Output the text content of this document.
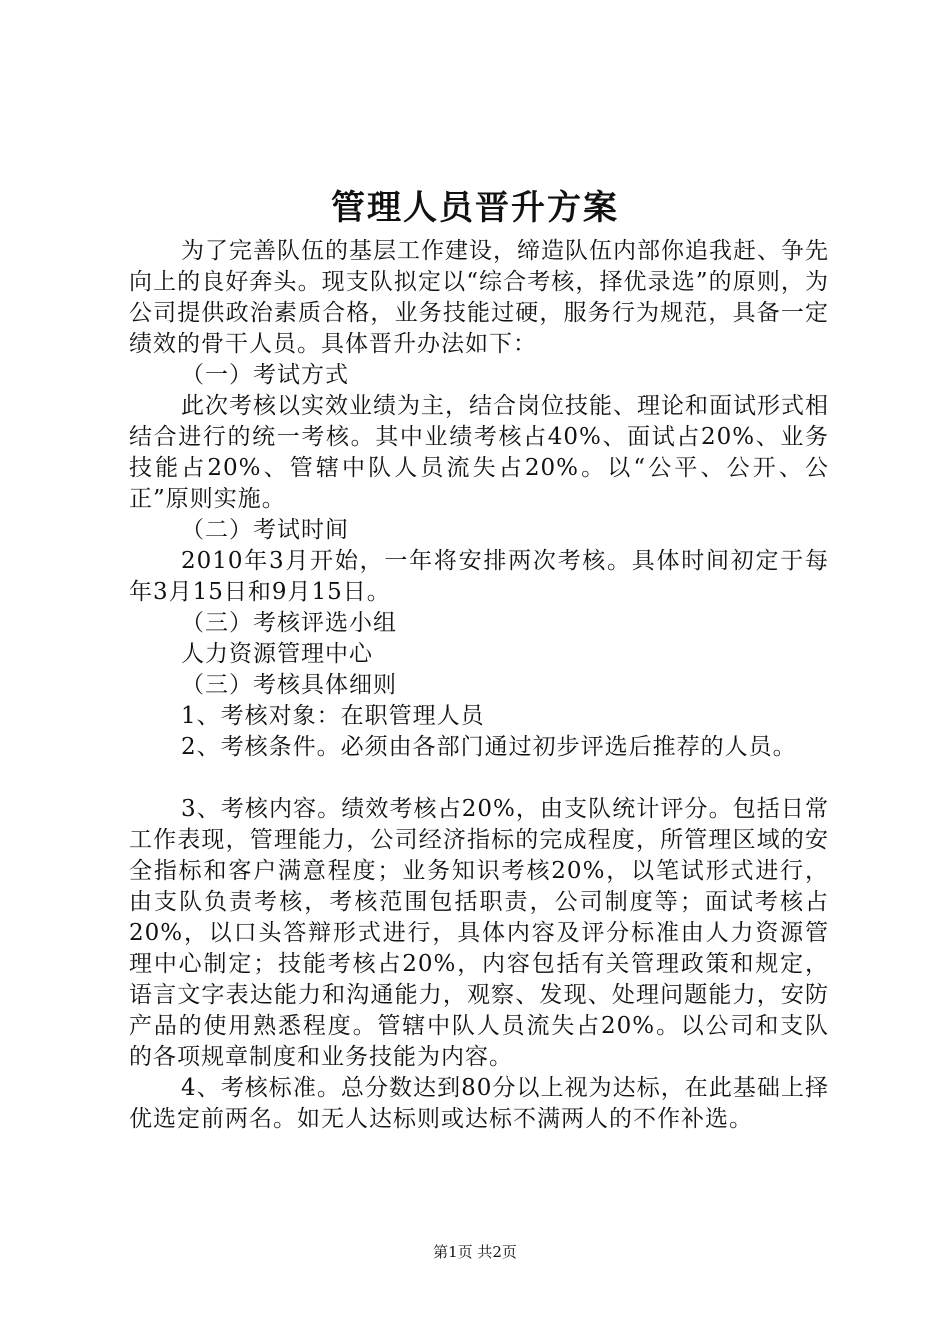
管理人员晋升方案

为了完善队伍的基层工作建设，缔造队伍内部你追我赶、争先向上的良好奔头。现支队拟定以“综合考核，择优录选”的原则，为公司提供政治素质合格，业务技能过硬，服务行为规范，具备一定绩效的骨干人员。具体晋升办法如下：

（一）考试方式

此次考核以实效业绩为主，结合岗位技能、理论和面试形式相结合进行的统一考核。其中业绩考核占40%、面试占20%、业务技能占20%、管辖中队人员流失占20%。以“公平、公开、公正”原则实施。

（二）考试时间

2010年3月开始，一年将安排两次考核。具体时间初定于每年3月15日和9月15日。

（三）考核评选小组

人力资源管理中心

（三）考核具体细则

1、考核对象：在职管理人员

2、考核条件。必须由各部门通过初步评选后推荐的人员。

3、考核内容。绩效考核占20%，由支队统计评分。包括日常工作表现，管理能力，公司经济指标的完成程度，所管理区域的安全指标和客户满意程度；业务知识考核20%，以笔试形式进行，由支队负责考核，考核范围包括职责，公司制度等；面试考核占20%，以口头答辩形式进行，具体内容及评分标准由人力资源管理中心制定；技能考核占20%，内容包括有关管理政策和规定，语言文字表达能力和沟通能力，观察、发现、处理问题能力，安防产品的使用熟悉程度。管辖中队人员流失占20%。以公司和支队的各项规章制度和业务技能为内容。

4、考核标准。总分数达到80分以上视为达标，在此基础上择优选定前两名。如无人达标则或达标不满两人的不作补选。

第1页 共2页
